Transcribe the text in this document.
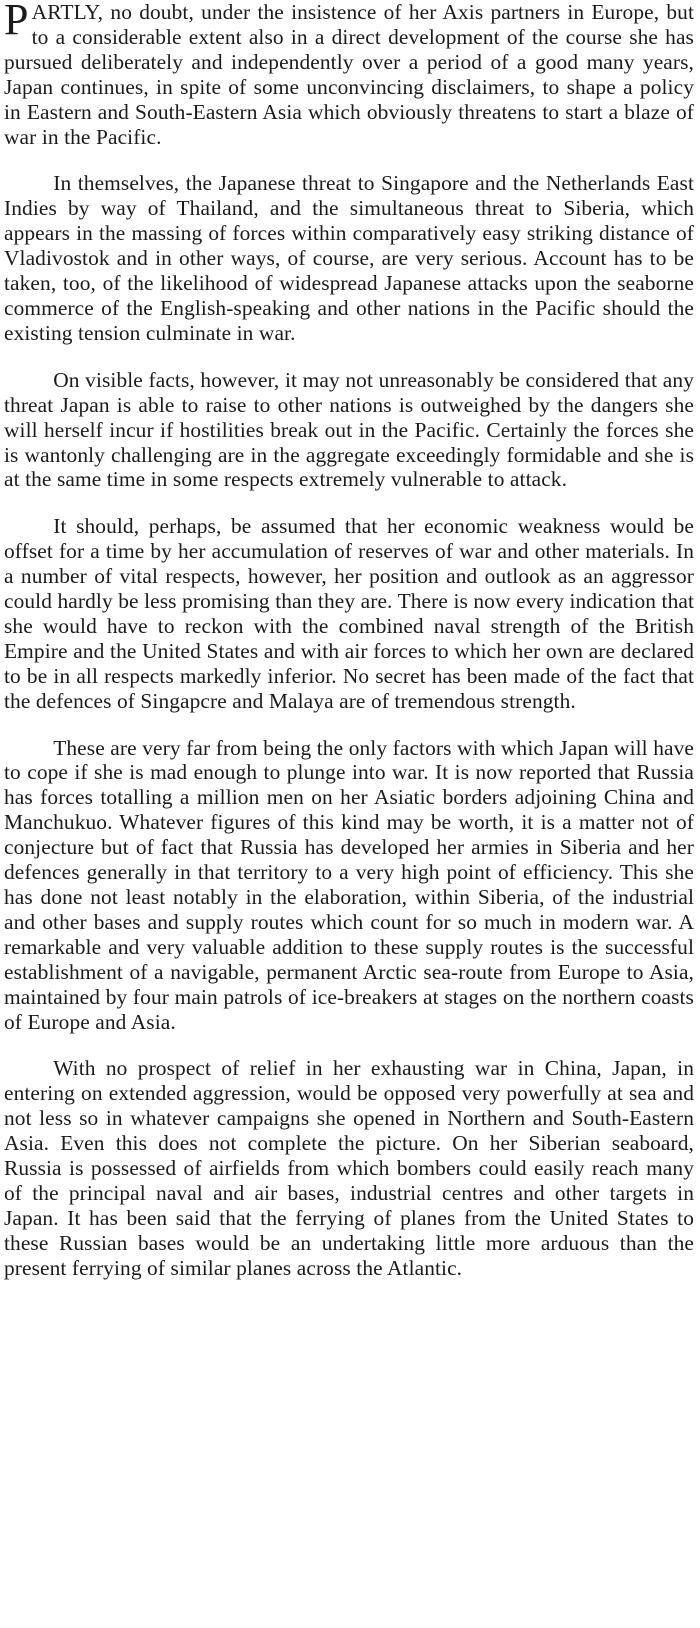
PARTLY, no doubt, under the insistence of her Axis partners in Europe, but to a considerable extent also in a direct development of the course she has pursued deliberately and independently over a period of a good many years, Japan continues, in spite of some unconvincing disclaimers, to shape a policy in Eastern and South-Eastern Asia which obviously threatens to start a blaze of war in the Pacific.

In themselves, the Japanese threat to Singapore and the Netherlands East Indies by way of Thailand, and the simultaneous threat to Siberia, which appears in the massing of forces within comparatively easy striking distance of Vladivostok and in other ways, of course, are very serious. Account has to be taken, too, of the likelihood of widespread Japanese attacks upon the seaborne commerce of the English-speaking and other nations in the Pacific should the existing tension culminate in war.

On visible facts, however, it may not unreasonably be considered that any threat Japan is able to raise to other nations is outweighed by the dangers she will herself incur if hostilities break out in the Pacific. Certainly the forces she is wantonly challenging are in the aggregate exceedingly formidable and she is at the same time in some respects extremely vulnerable to attack.

It should, perhaps, be assumed that her economic weakness would be offset for a time by her accumulation of reserves of war and other materials. In a number of vital respects, however, her position and outlook as an aggressor could hardly be less promising than they are. There is now every indication that she would have to reckon with the combined naval strength of the British Empire and the United States and with air forces to which her own are declared to be in all respects markedly inferior. No secret has been made of the fact that the defences of Singapcre and Malaya are of tremendous strength.

These are very far from being the only factors with which Japan will have to cope if she is mad enough to plunge into war. It is now reported that Russia has forces totalling a million men on her Asiatic borders adjoining China and Manchukuo. Whatever figures of this kind may be worth, it is a matter not of conjecture but of fact that Russia has developed her armies in Siberia and her defences generally in that territory to a very high point of efficiency. This she has done not least notably in the elaboration, within Siberia, of the industrial and other bases and supply routes which count for so much in modern war. A remarkable and very valuable addition to these supply routes is the successful establishment of a navigable, permanent Arctic sea-route from Europe to Asia, maintained by four main patrols of ice-breakers at stages on the northern coasts of Europe and Asia.

With no prospect of relief in her exhausting war in China, Japan, in entering on extended aggression, would be opposed very powerfully at sea and not less so in whatever campaigns she opened in Northern and South-Eastern Asia. Even this does not complete the picture. On her Siberian seaboard, Russia is possessed of airfields from which bombers could easily reach many of the principal naval and air bases, industrial centres and other targets in Japan. It has been said that the ferrying of planes from the United States to these Russian bases would be an undertaking little more arduous than the present ferrying of similar planes across the Atlantic.
